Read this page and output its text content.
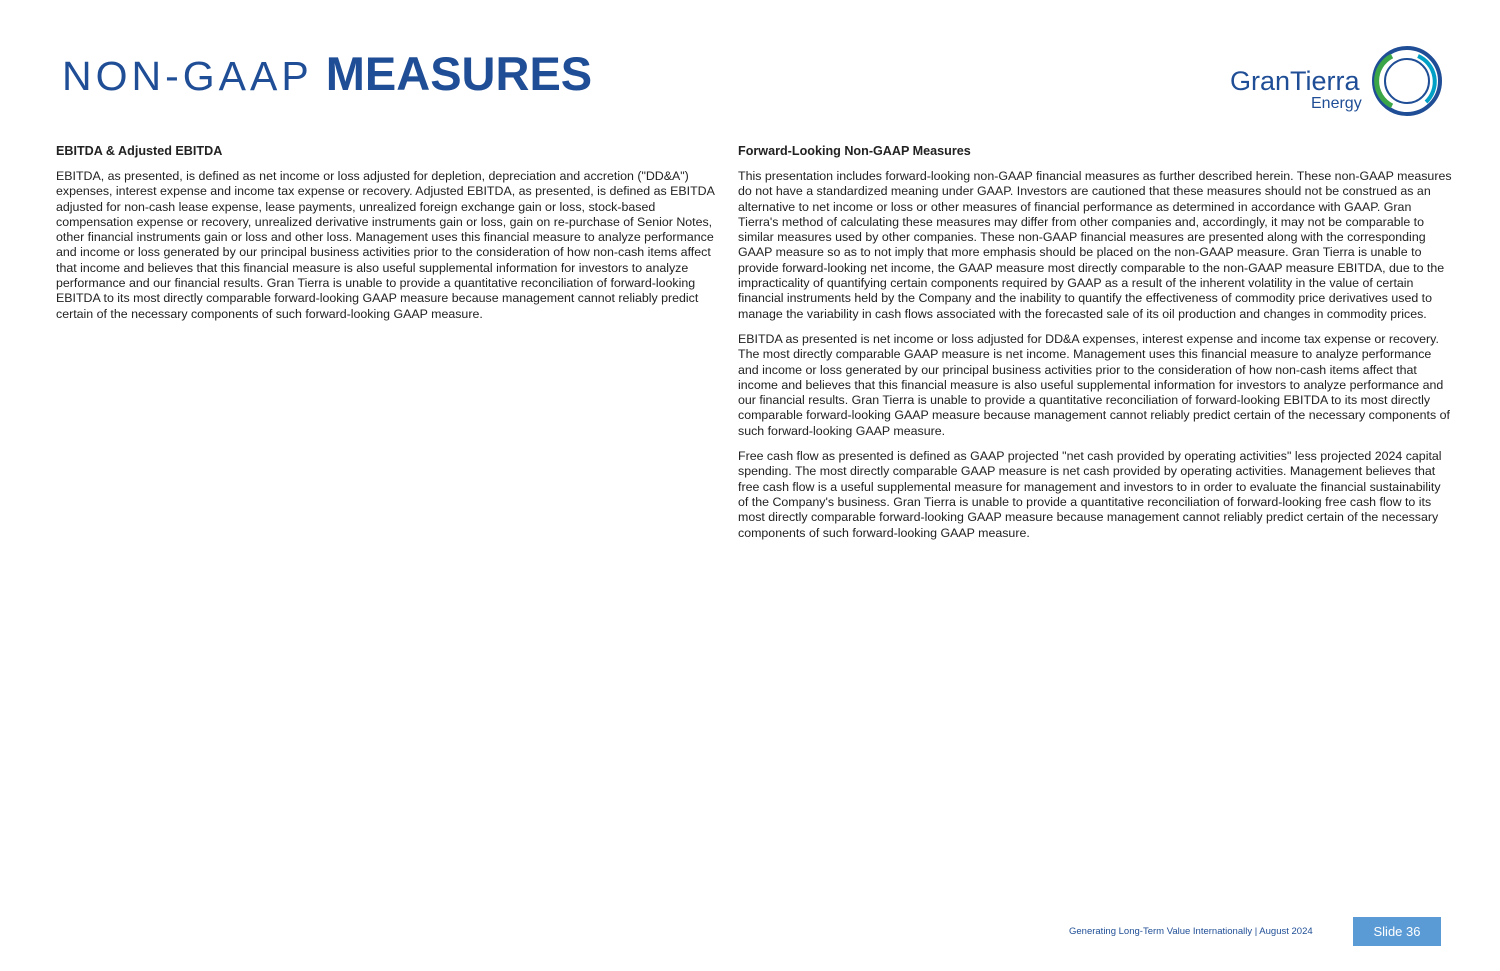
NON-GAAP MEASURES	GranTierra
Energy
EBITDA & Adjusted EBITDA

EBITDA, as presented, is defined as net income or loss adjusted for depletion, depreciation and accretion ("DD&A") expenses, interest expense and income tax expense or recovery. Adjusted EBITDA, as presented, is defined as EBITDA adjusted for non-cash lease expense, lease payments, unrealized foreign exchange gain or loss, stock-based compensation expense or recovery, unrealized derivative instruments gain or loss, gain on re-purchase of Senior Notes, other financial instruments gain or loss and other loss. Management uses this financial measure to analyze performance and income or loss generated by our principal business activities prior to the consideration of how non-cash items affect that income and believes that this financial measure is also useful supplemental information for investors to analyze performance and our financial results. Gran Tierra is unable to provide a quantitative reconciliation of forward-looking EBITDA to its most directly comparable forward-looking GAAP measure because management cannot reliably predict certain of the necessary components of such forward-looking GAAP measure.

Forward-Looking Non-GAAP Measures

This presentation includes forward-looking non-GAAP financial measures as further described herein. These non-GAAP measures do not have a standardized meaning under GAAP. Investors are cautioned that these measures should not be construed as an alternative to net income or loss or other measures of financial performance as determined in accordance with GAAP. Gran Tierra's method of calculating these measures may differ from other companies and, accordingly, it may not be comparable to similar measures used by other companies. These non-GAAP financial measures are presented along with the corresponding GAAP measure so as to not imply that more emphasis should be placed on the non-GAAP measure. Gran Tierra is unable to provide forward-looking net income, the GAAP measure most directly comparable to the non-GAAP measure EBITDA, due to the impracticality of quantifying certain components required by GAAP as a result of the inherent volatility in the value of certain financial instruments held by the Company and the inability to quantify the effectiveness of commodity price derivatives used to manage the variability in cash flows associated with the forecasted sale of its oil production and changes in commodity prices.

EBITDA as presented is net income or loss adjusted for DD&A expenses, interest expense and income tax expense or recovery. The most directly comparable GAAP measure is net income. Management uses this financial measure to analyze performance and income or loss generated by our principal business activities prior to the consideration of how non-cash items affect that income and believes that this financial measure is also useful supplemental information for investors to analyze performance and our financial results. Gran Tierra is unable to provide a quantitative reconciliation of forward-looking EBITDA to its most directly comparable forward-looking GAAP measure because management cannot reliably predict certain of the necessary components of such forward-looking GAAP measure.

Free cash flow as presented is defined as GAAP projected "net cash provided by operating activities" less projected 2024 capital spending. The most directly comparable GAAP measure is net cash provided by operating activities. Management believes that free cash flow is a useful supplemental measure for management and investors to in order to evaluate the financial sustainability of the Company's business. Gran Tierra is unable to provide a quantitative reconciliation of forward-looking free cash flow to its most directly comparable forward-looking GAAP measure because management cannot reliably predict certain of the necessary components of such forward-looking GAAP measure.

Generating Long-Term Value Internationally | August 2024	Slide 36
